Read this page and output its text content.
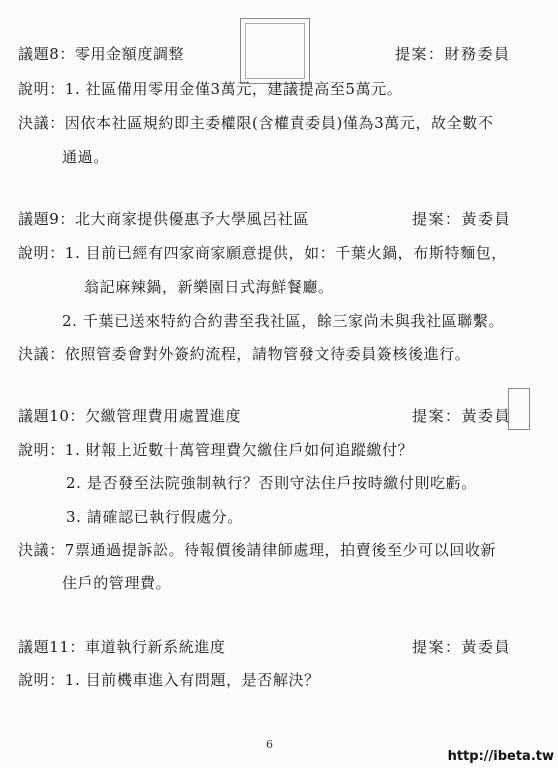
議題8：零用金額度調整	提案：財務委員
說明：1. 社區備用零用金僅3萬元，建議提高至5萬元。
決議：因依本社區規約即主委權限(含權責委員)僅為3萬元，故全數不
通過。
議題9：北大商家提供優惠予大學風呂社區	提案：黃委員
說明：1. 目前已經有四家商家願意提供，如：千葉火鍋，布斯特麵包，
翁記麻辣鍋，新樂園日式海鮮餐廳。
2. 千葉已送來特約合約書至我社區，餘三家尚未與我社區聯繫。
決議：依照管委會對外簽約流程，請物管發文待委員簽核後進行。
議題10：欠繳管理費用處置進度	提案：黃委員
說明：1. 財報上近數十萬管理費欠繳住戶如何追蹤繳付？
2. 是否發至法院強制執行？否則守法住戶按時繳付則吃虧。
3. 請確認已執行假處分。
決議：7票通過提訴訟。待報價後請律師處理，拍賣後至少可以回收新
住戶的管理費。
議題11：車道執行新系統進度	提案：黃委員
說明：1. 目前機車進入有問題，是否解決？
6
http://ibeta.tw
